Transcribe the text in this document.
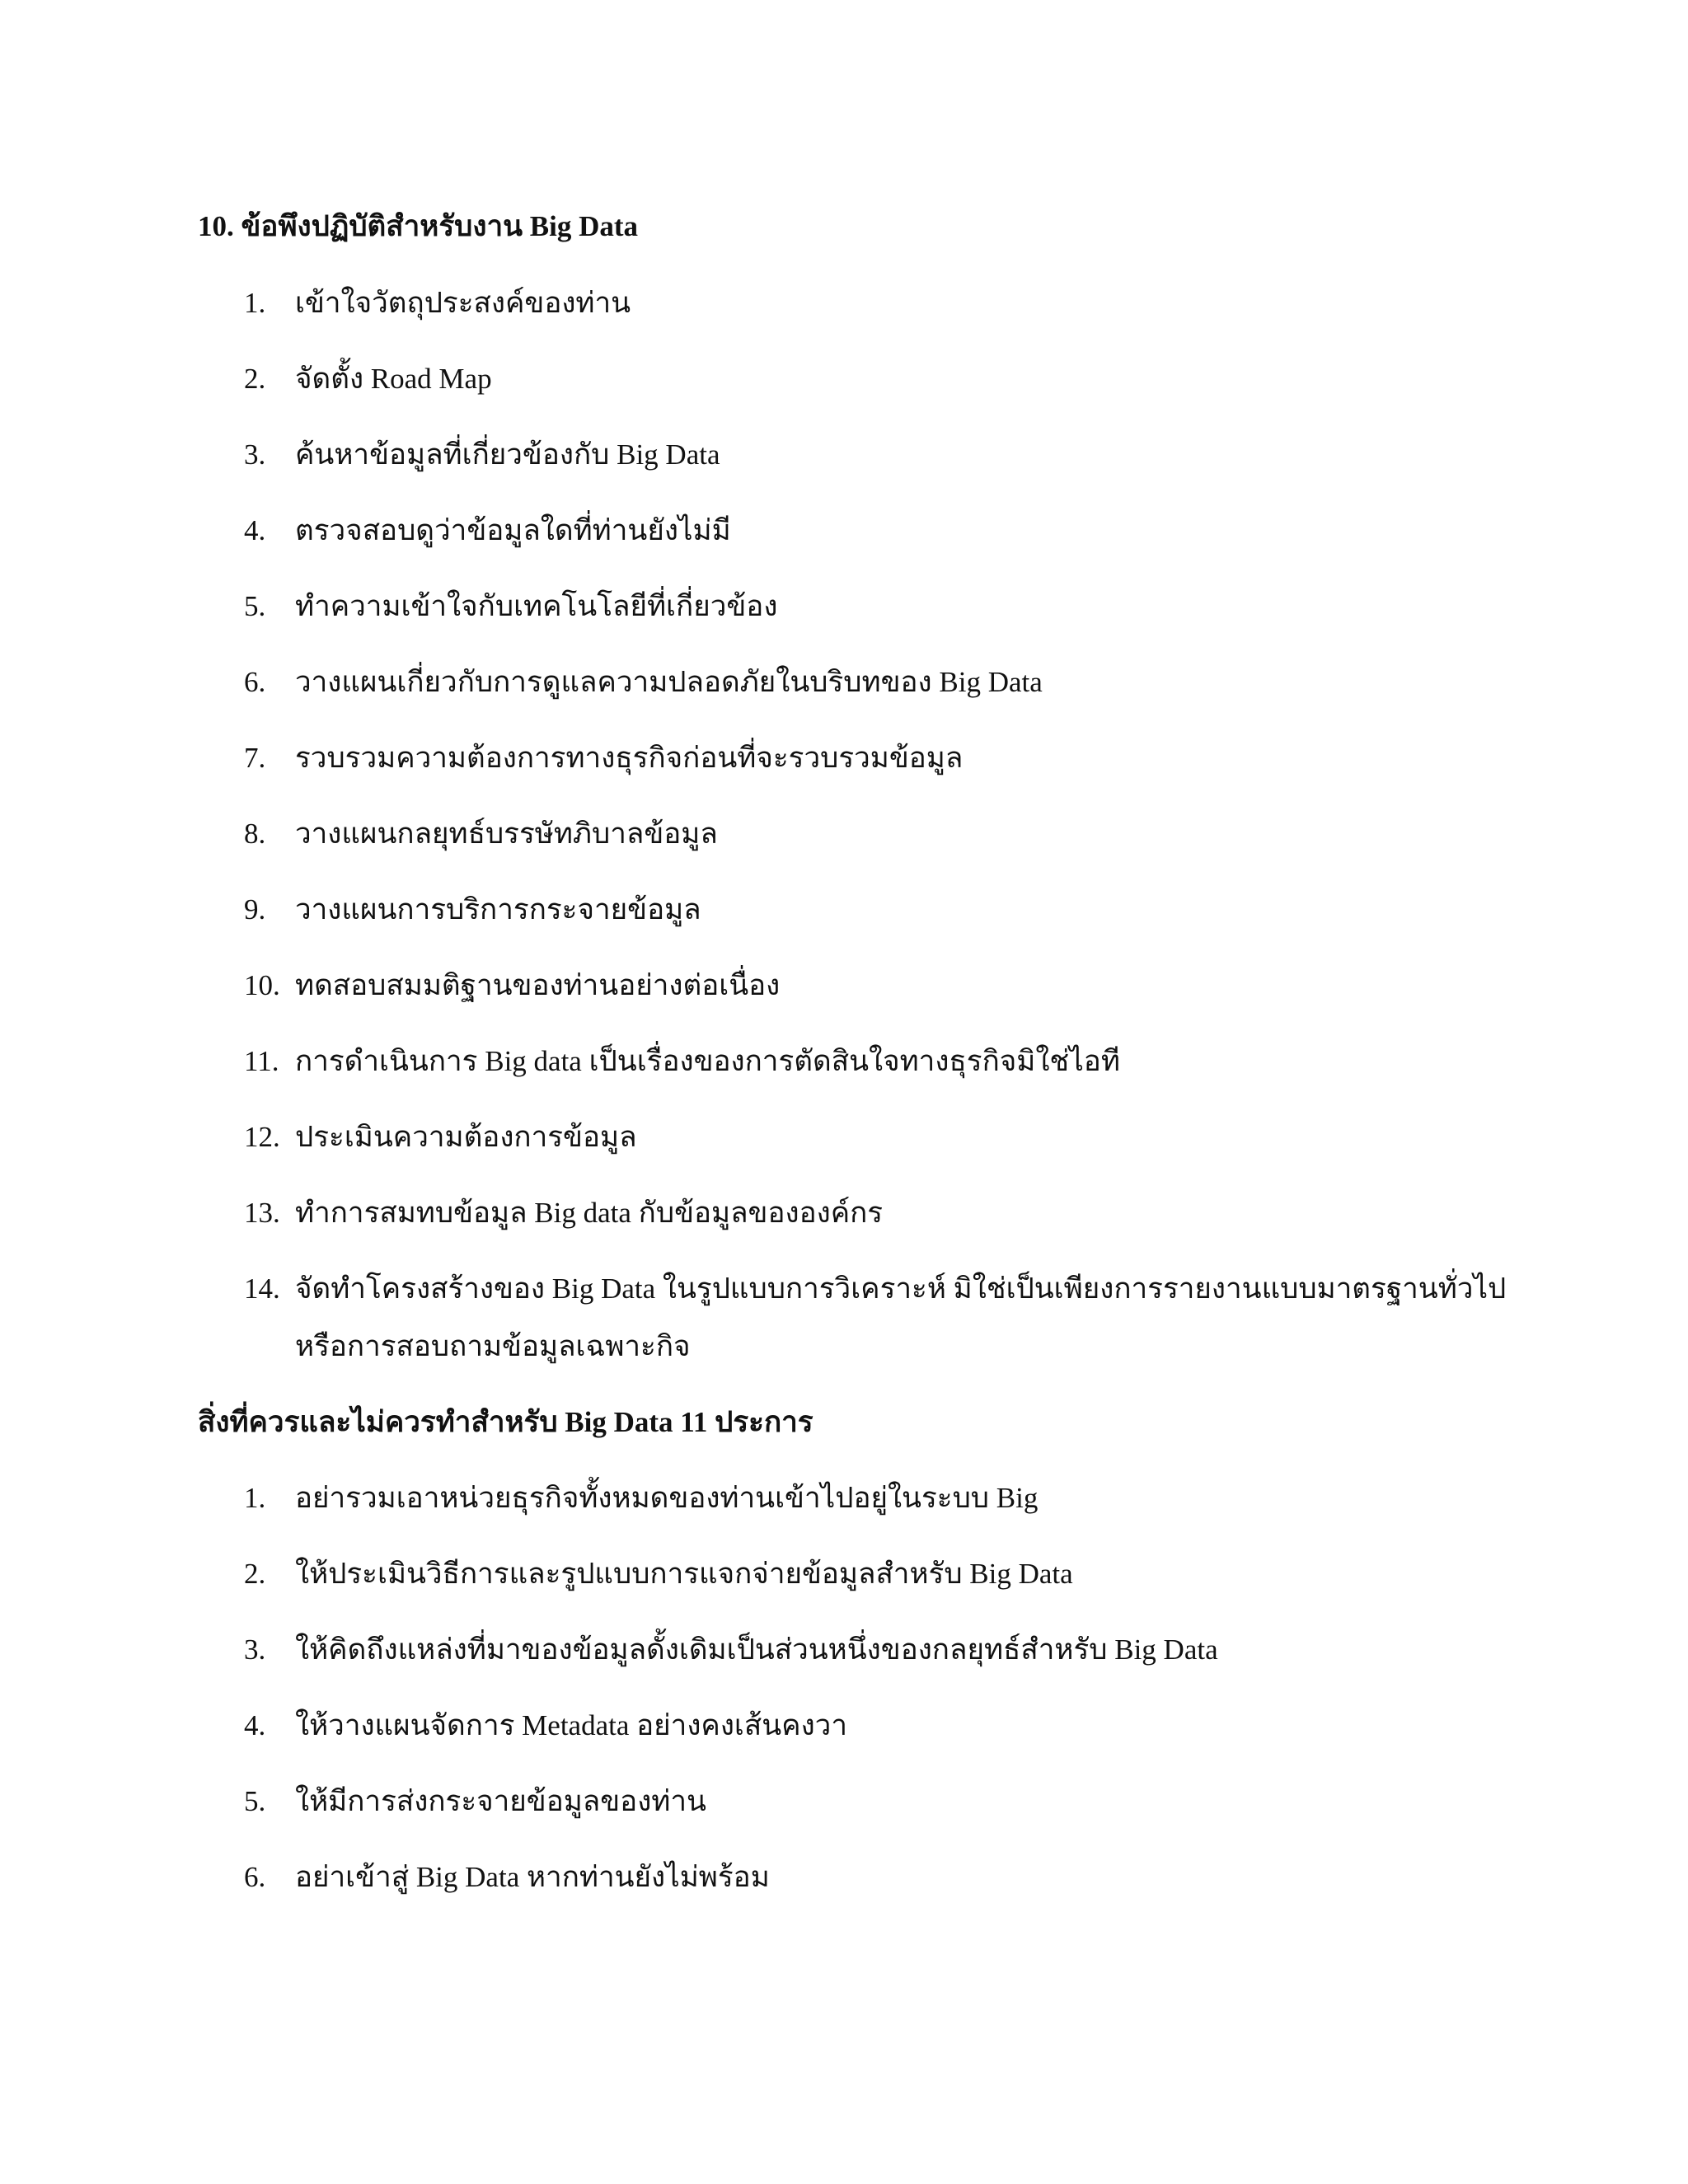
10. ข้อพึงปฏิบัติสำหรับงาน Big Data
1.	เข้าใจวัตถุประสงค์ของท่าน
2.	จัดตั้ง Road Map
3.	ค้นหาข้อมูลที่เกี่ยวข้องกับ Big Data
4.	ตรวจสอบดูว่าข้อมูลใดที่ท่านยังไม่มี
5.	ทำความเข้าใจกับเทคโนโลยีที่เกี่ยวข้อง
6.	วางแผนเกี่ยวกับการดูแลความปลอดภัยในบริบทของ Big Data
7.	รวบรวมความต้องการทางธุรกิจก่อนที่จะรวบรวมข้อมูล
8.	วางแผนกลยุทธ์บรรษัทภิบาลข้อมูล
9.	วางแผนการบริการกระจายข้อมูล
10. ทดสอบสมมติฐานของท่านอย่างต่อเนื่อง
11. การดำเนินการ Big data เป็นเรื่องของการตัดสินใจทางธุรกิจมิใช่ไอที
12. ประเมินความต้องการข้อมูล
13. ทำการสมทบข้อมูล Big data กับข้อมูลขององค์กร
14. จัดทำโครงสร้างของ Big Data ในรูปแบบการวิเคราะห์ มิใช่เป็นเพียงการรายงานแบบมาตรฐานทั่วไป
หรือการสอบถามข้อมูลเฉพาะกิจ
สิ่งที่ควรและไม่ควรทำสำหรับ Big Data 11 ประการ
1.	อย่ารวมเอาหน่วยธุรกิจทั้งหมดของท่านเข้าไปอยู่ในระบบ Big
2.	ให้ประเมินวิธีการและรูปแบบการแจกจ่ายข้อมูลสำหรับ Big Data
3.	ให้คิดถึงแหล่งที่มาของข้อมูลดั้งเดิมเป็นส่วนหนึ่งของกลยุทธ์สำหรับ Big Data
4.	ให้วางแผนจัดการ Metadata อย่างคงเส้นคงวา
5.	ให้มีการส่งกระจายข้อมูลของท่าน
6.	อย่าเข้าสู่ Big Data หากท่านยังไม่พร้อม
